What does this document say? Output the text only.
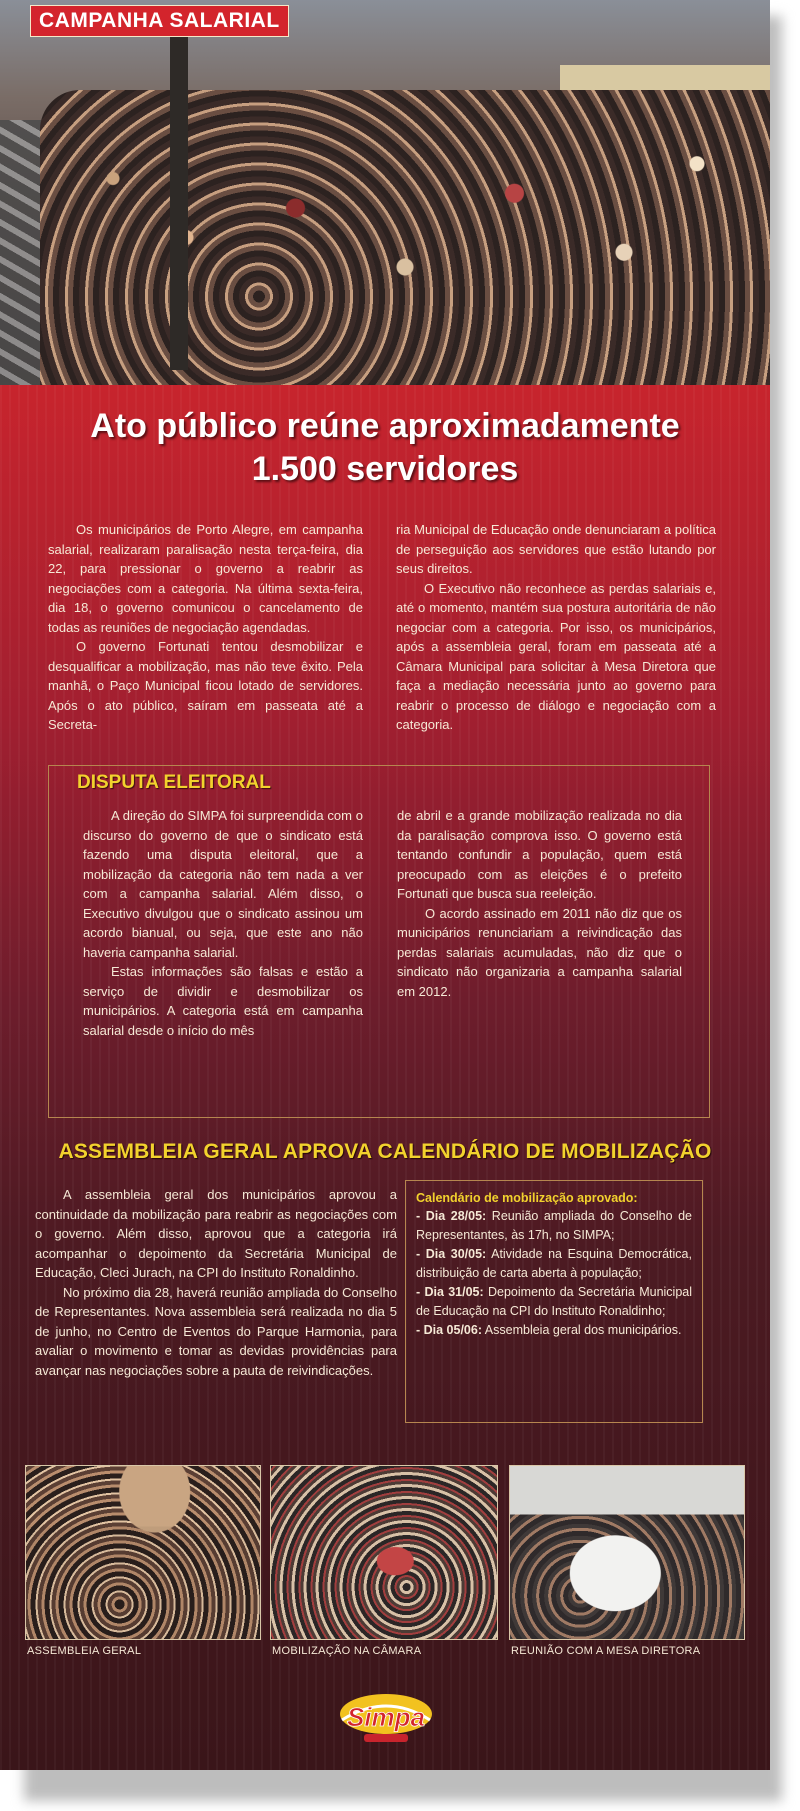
CAMPANHA SALARIAL
Ato público reúne aproximadamente 1.500 servidores

Os municipários de Porto Alegre, em campanha salarial, realizaram paralisação nesta terça-feira, dia 22, para pressionar o governo a reabrir as negociações com a categoria. Na última sexta-feira, dia 18, o governo comunicou o cancelamento de todas as reuniões de negociação agendadas.

O governo Fortunati tentou desmobilizar e desqualificar a mobilização, mas não teve êxito. Pela manhã, o Paço Municipal ficou lotado de servidores. Após o ato público, saíram em passeata até a Secreta-

ria Municipal de Educação onde denunciaram a política de perseguição aos servidores que estão lutando por seus direitos.

O Executivo não reconhece as perdas salariais e, até o momento, mantém sua postura autoritária de não negociar com a categoria. Por isso, os municipários, após a assembleia geral, foram em passeata até a Câmara Municipal para solicitar à Mesa Diretora que faça a mediação necessária junto ao governo para reabrir o processo de diálogo e negociação com a categoria.

DISPUTA ELEITORAL

A direção do SIMPA foi surpreendida com o discurso do governo de que o sindicato está fazendo uma disputa eleitoral, que a mobilização da categoria não tem nada a ver com a campanha salarial. Além disso, o Executivo divulgou que o sindicato assinou um acordo bianual, ou seja, que este ano não haveria campanha salarial.

Estas informações são falsas e estão a serviço de dividir e desmobilizar os municipários. A categoria está em campanha salarial desde o início do mês

de abril e a grande mobilização realizada no dia da paralisação comprova isso. O governo está tentando confundir a população, quem está preocupado com as eleições é o prefeito Fortunati que busca sua reeleição.

O acordo assinado em 2011 não diz que os municipários renunciariam a reivindicação das perdas salariais acumuladas, não diz que o sindicato não organizaria a campanha salarial em 2012.

ASSEMBLEIA GERAL APROVA CALENDÁRIO DE MOBILIZAÇÃO

A assembleia geral dos municipários aprovou a continuidade da mobilização para reabrir as negociações com o governo. Além disso, aprovou que a categoria irá acompanhar o depoimento da Secretária Municipal de Educação, Cleci Jurach, na CPI do Instituto Ronaldinho.

No próximo dia 28, haverá reunião ampliada do Conselho de Representantes. Nova assembleia será realizada no dia 5 de junho, no Centro de Eventos do Parque Harmonia, para avaliar o movimento e tomar as devidas providências para avançar nas negociações sobre a pauta de reivindicações.

Calendário de mobilização aprovado:
- Dia 28/05: Reunião ampliada do Conselho de Representantes, às 17h, no SIMPA;
- Dia 30/05: Atividade na Esquina Democrática, distribuição de carta aberta à população;
- Dia 31/05: Depoimento da Secretária Municipal de Educação na CPI do Instituto Ronaldinho;
- Dia 05/06: Assembleia geral dos municipários.
ASSEMBLEIA GERAL	MOBILIZAÇÃO NA CÂMARA	REUNIÃO COM A MESA DIRETORA
Simpa
